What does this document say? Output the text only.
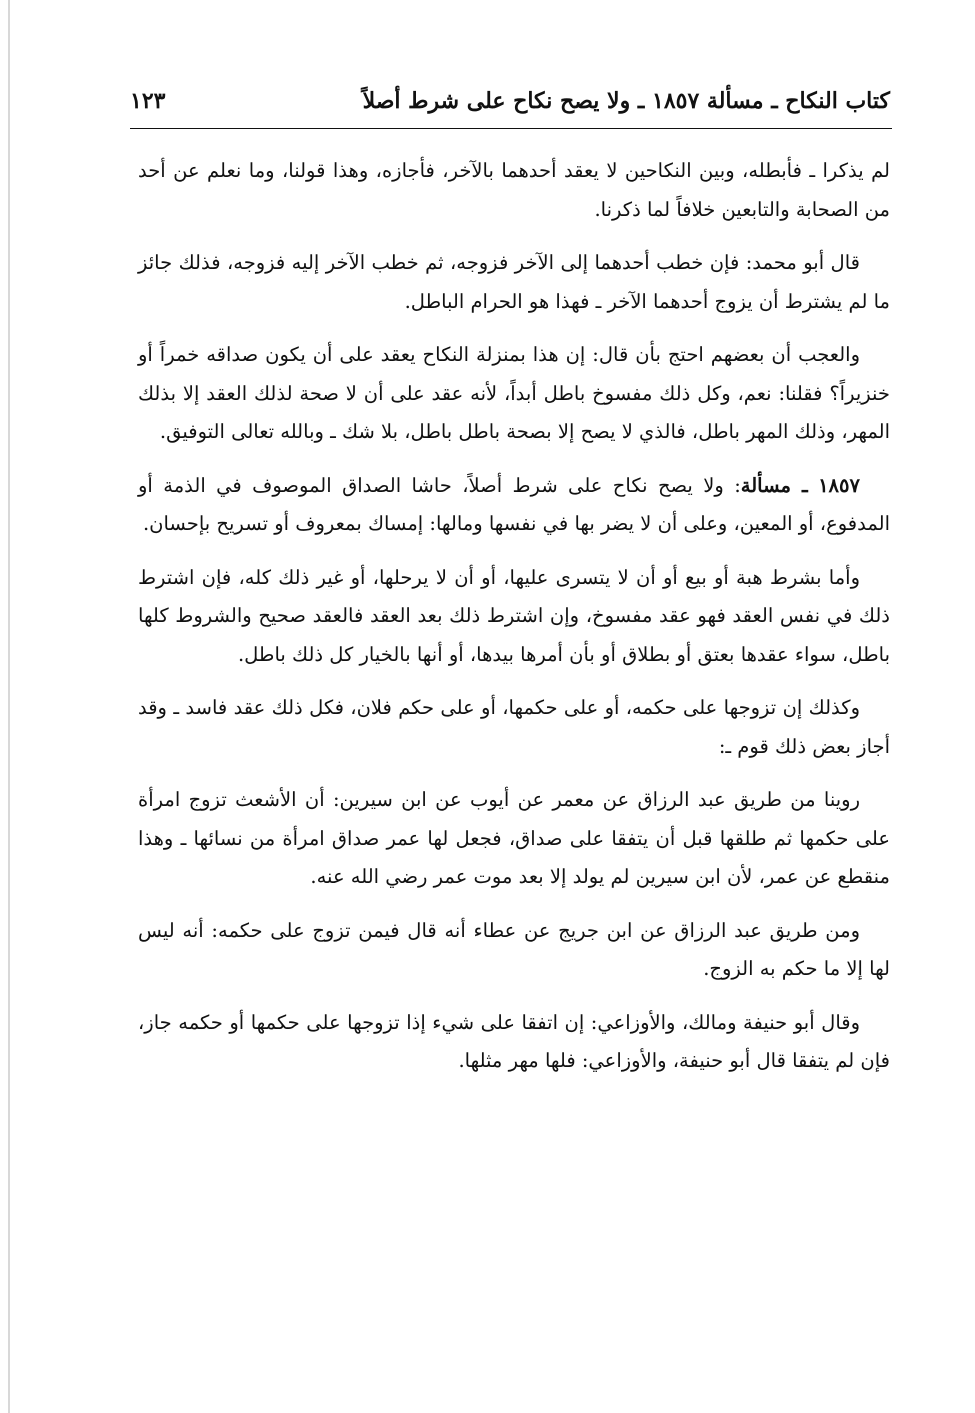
كتاب النكاح ـ مسألة ١٨٥٧ ـ ولا يصح نكاح على شرط أصلاً
١٢٣

لم يذكرا ـ فأبطله، وبين النكاحين لا يعقد أحدهما بالآخر، فأجازه، وهذا قولنا، وما نعلم عن أحد من الصحابة والتابعين خلافاً لما ذكرنا.

قال أبو محمد: فإن خطب أحدهما إلى الآخر فزوجه، ثم خطب الآخر إليه فزوجه، فذلك جائز ما لم يشترط أن يزوج أحدهما الآخر ـ فهذا هو الحرام الباطل.

والعجب أن بعضهم احتج بأن قال: إن هذا بمنزلة النكاح يعقد على أن يكون صداقه خمراً أو خنزيراً؟ فقلنا: نعم، وكل ذلك مفسوخ باطل أبداً، لأنه عقد على أن لا صحة لذلك العقد إلا بذلك المهر، وذلك المهر باطل، فالذي لا يصح إلا بصحة باطل باطل، بلا شك ـ وبالله تعالى التوفيق.

١٨٥٧ ـ مسألة: ولا يصح نكاح على شرط أصلاً، حاشا الصداق الموصوف في الذمة أو المدفوع، أو المعين، وعلى أن لا يضر بها في نفسها ومالها: إمساك بمعروف أو تسريح بإحسان.

وأما بشرط هبة أو بيع أو أن لا يتسرى عليها، أو أن لا يرحلها، أو غير ذلك كله، فإن اشترط ذلك في نفس العقد فهو عقد مفسوخ، وإن اشترط ذلك بعد العقد فالعقد صحيح والشروط كلها باطل، سواء عقدها بعتق أو بطلاق أو بأن أمرها بيدها، أو أنها بالخيار كل ذلك باطل.

وكذلك إن تزوجها على حكمه، أو على حكمها، أو على حكم فلان، فكل ذلك عقد فاسد ـ وقد أجاز بعض ذلك قوم ـ:

روينا من طريق عبد الرزاق عن معمر عن أيوب عن ابن سيرين: أن الأشعث تزوج امرأة على حكمها ثم طلقها قبل أن يتفقا على صداق، فجعل لها عمر صداق امرأة من نسائها ـ وهذا منقطع عن عمر، لأن ابن سيرين لم يولد إلا بعد موت عمر رضي الله عنه.

ومن طريق عبد الرزاق عن ابن جريج عن عطاء أنه قال فيمن تزوج على حكمه: أنه ليس لها إلا ما حكم به الزوج.

وقال أبو حنيفة ومالك، والأوزاعي: إن اتفقا على شيء إذا تزوجها على حكمها أو حكمه جاز، فإن لم يتفقا قال أبو حنيفة، والأوزاعي: فلها مهر مثلها.
